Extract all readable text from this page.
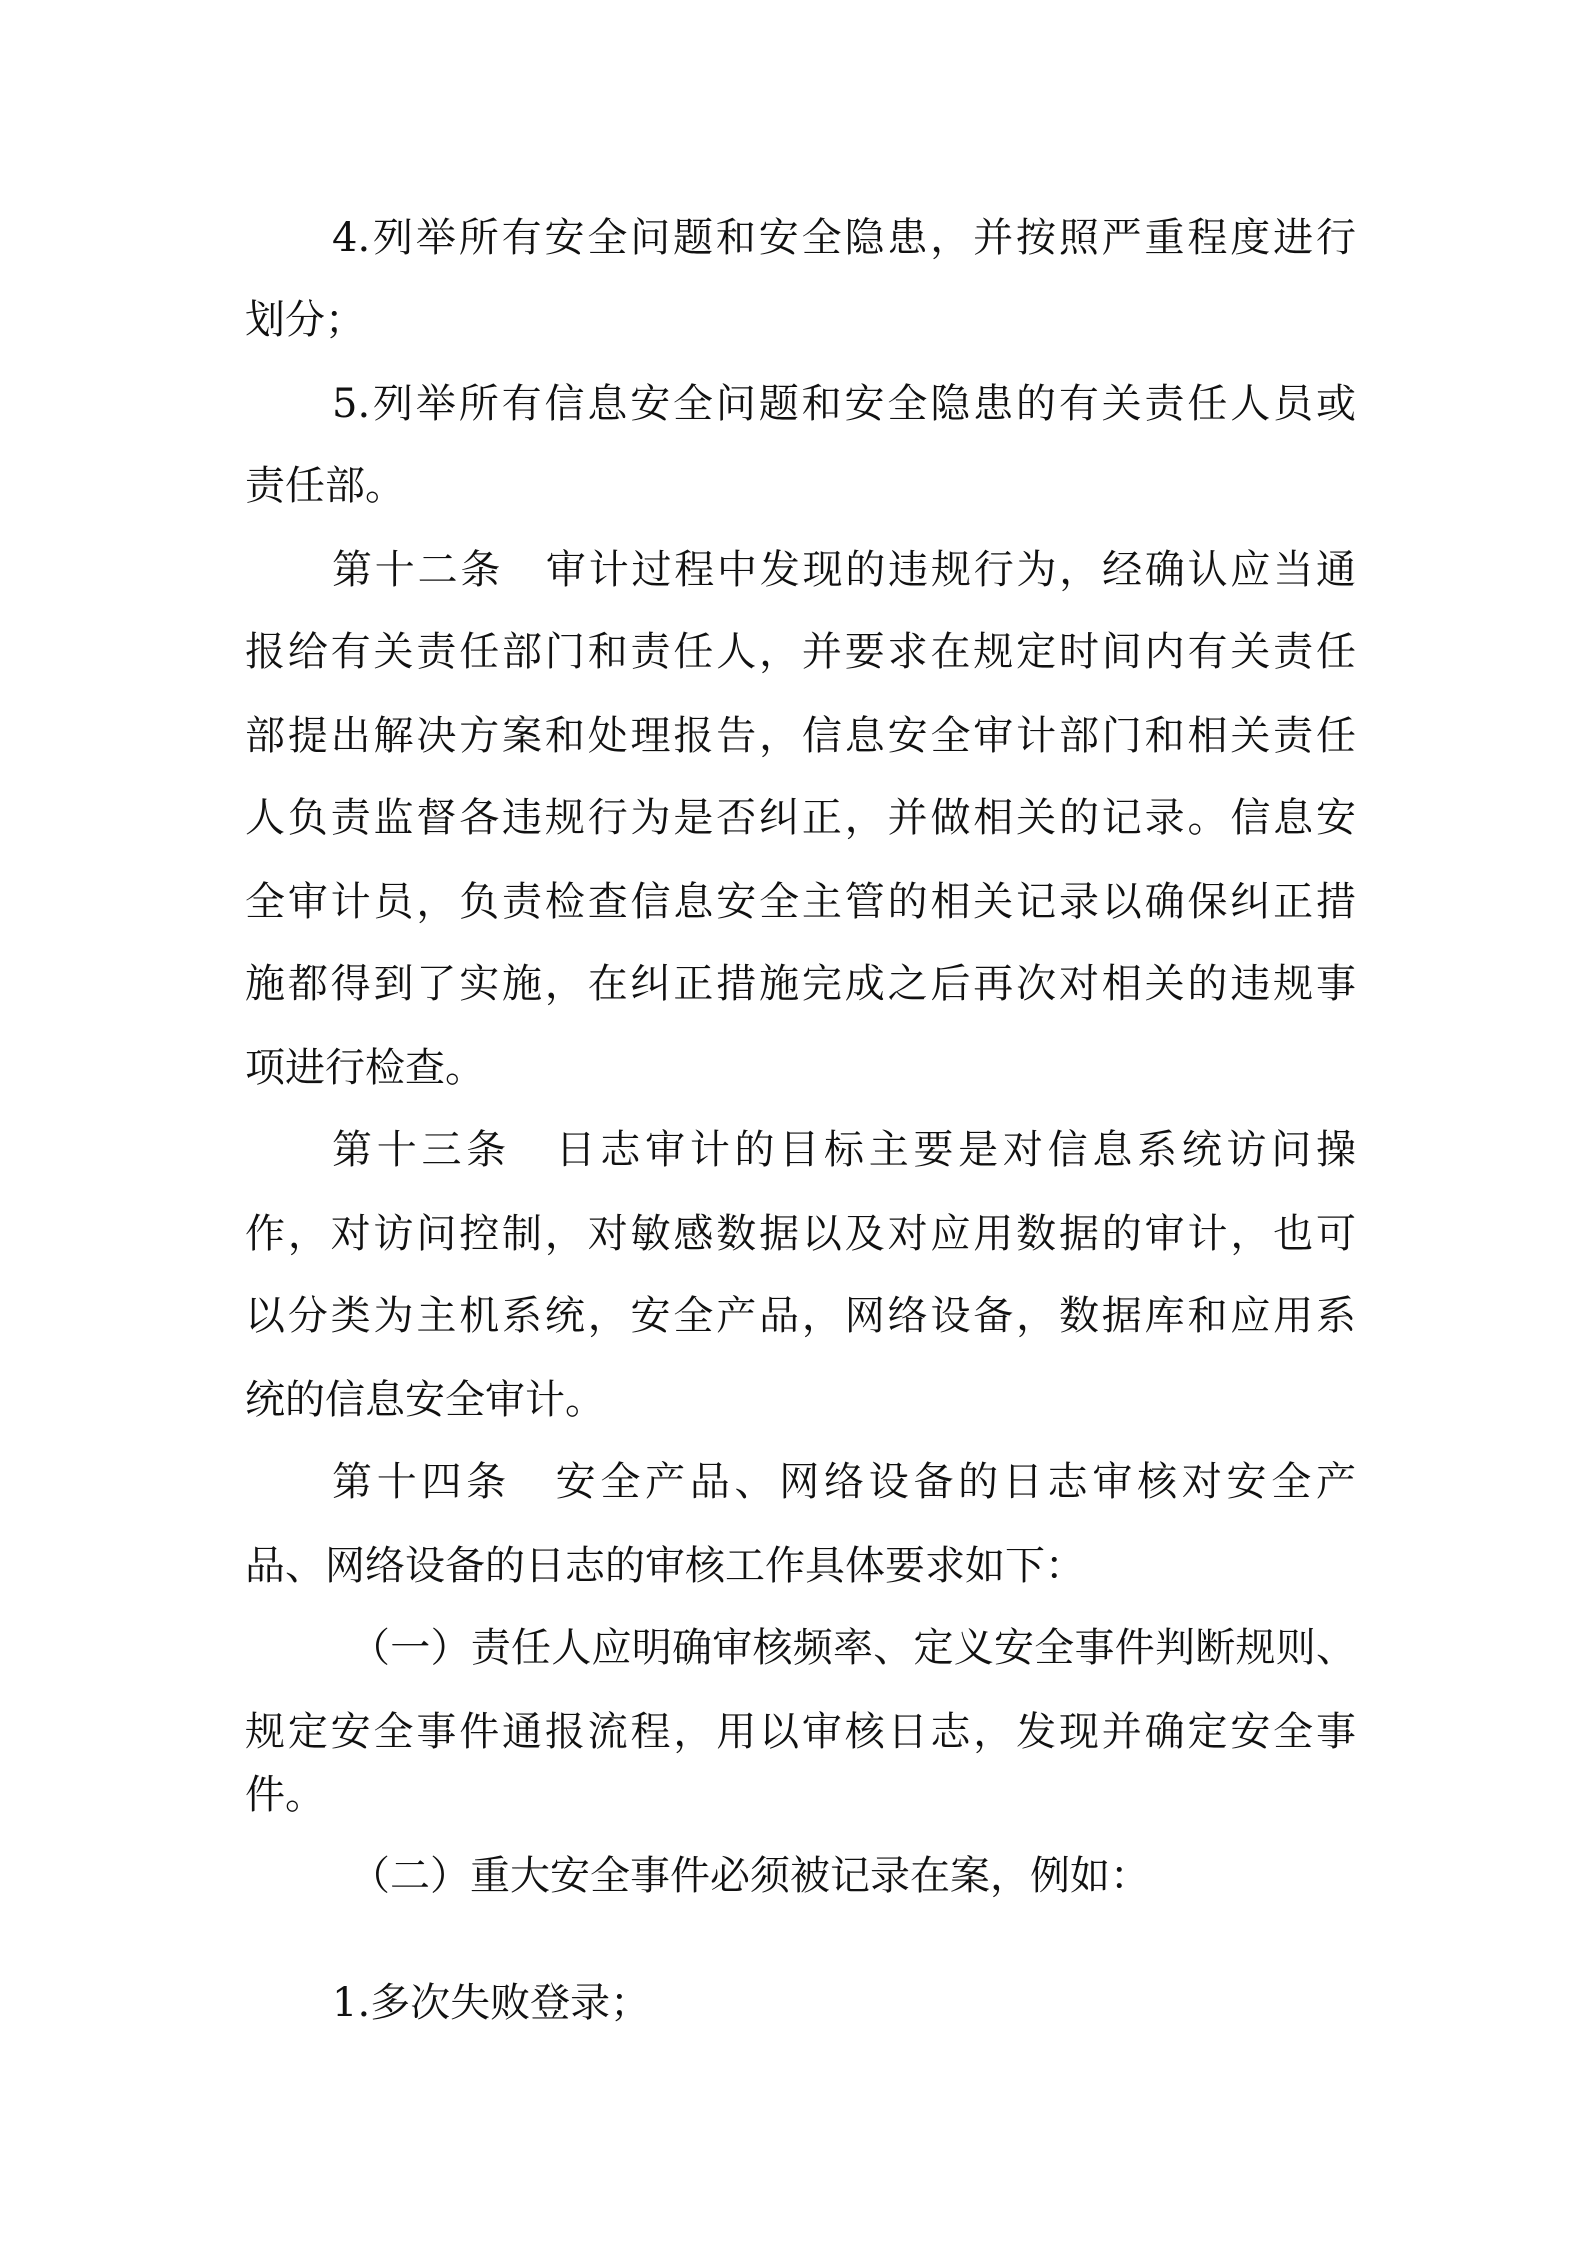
4.列举所有安全问题和安全隐患，并按照严重程度进行
划分；
5.列举所有信息安全问题和安全隐患的有关责任人员或
责任部。
第十二条　审计过程中发现的违规行为，经确认应当通
报给有关责任部门和责任人，并要求在规定时间内有关责任
部提出解决方案和处理报告，信息安全审计部门和相关责任
人负责监督各违规行为是否纠正，并做相关的记录。信息安
全审计员，负责检查信息安全主管的相关记录以确保纠正措
施都得到了实施，在纠正措施完成之后再次对相关的违规事
项进行检查。
第十三条　日志审计的目标主要是对信息系统访问操
作，对访问控制，对敏感数据以及对应用数据的审计，也可
以分类为主机系统，安全产品，网络设备，数据库和应用系
统的信息安全审计。
第十四条　安全产品、网络设备的日志审核对安全产
品、网络设备的日志的审核工作具体要求如下：
（一）责任人应明确审核频率、定义安全事件判断规则、
规定安全事件通报流程，用以审核日志，发现并确定安全事
件。
（二）重大安全事件必须被记录在案，例如：
1.多次失败登录；
